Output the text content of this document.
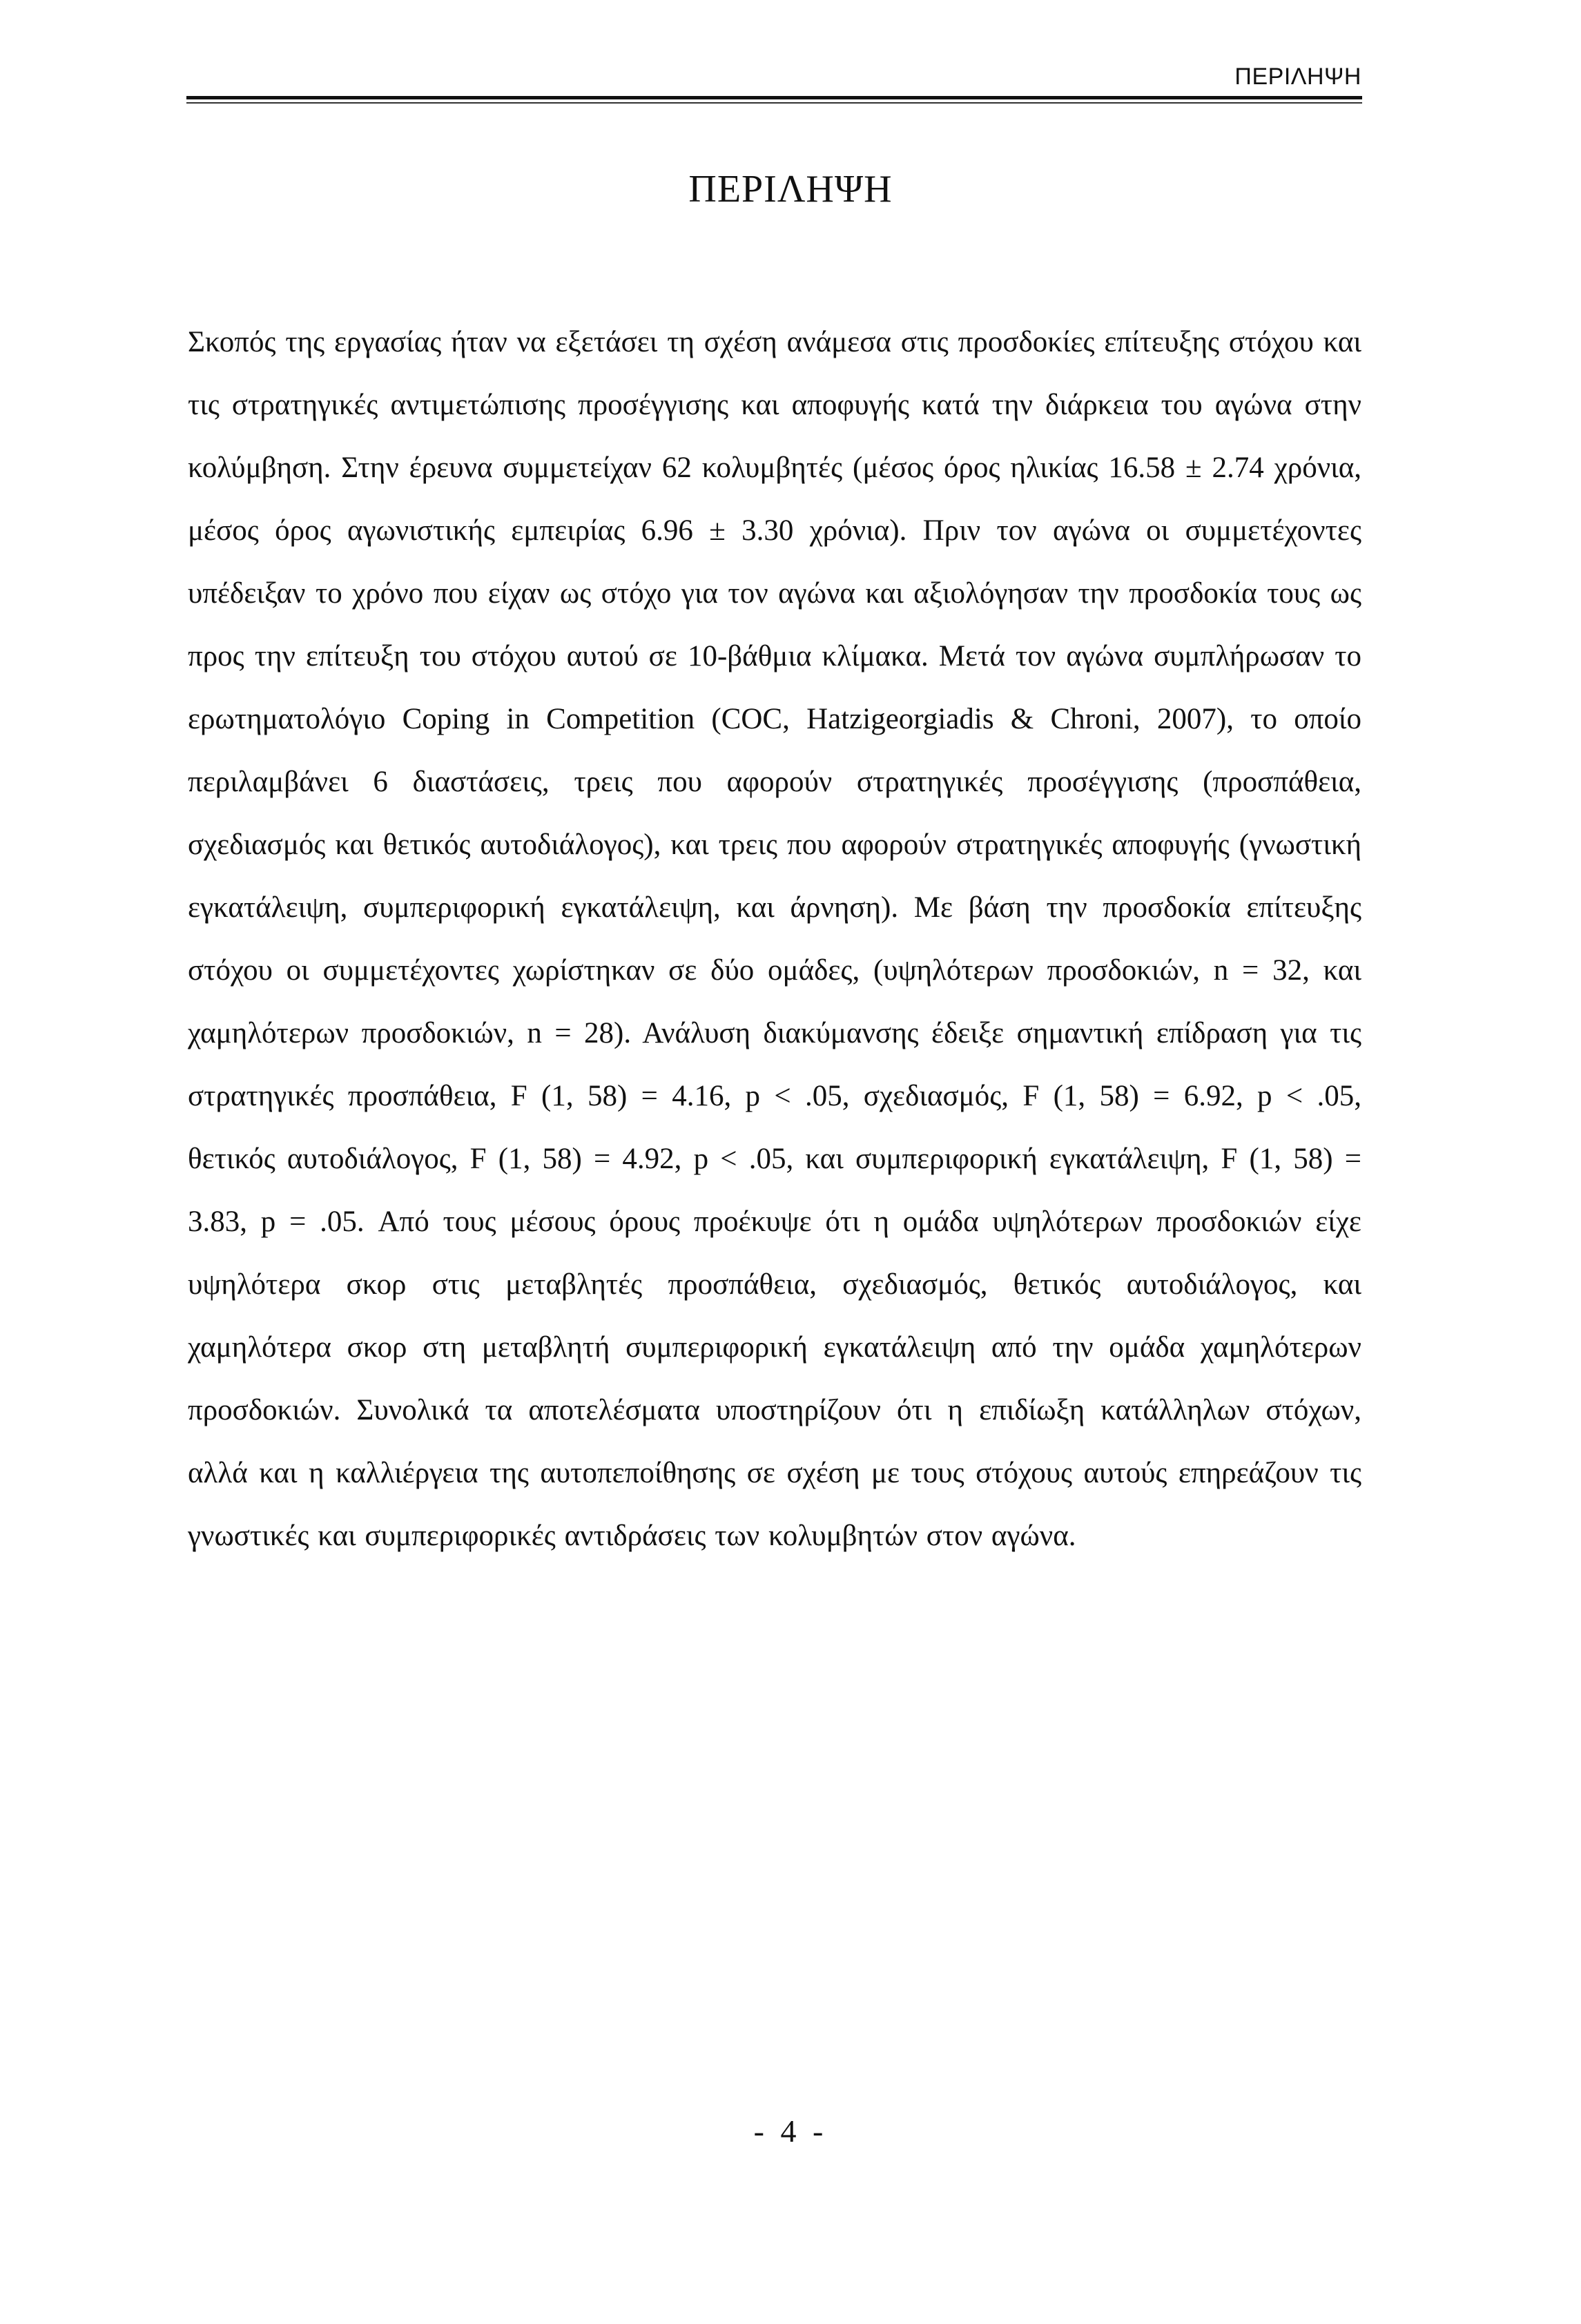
ΠΕΡΙΛΗΨΗ
ΠΕΡΙΛΗΨΗ

Σκοπός της εργασίας ήταν να εξετάσει τη σχέση ανάμεσα στις προσδοκίες επίτευξης στόχου και τις στρατηγικές αντιμετώπισης προσέγγισης και αποφυγής κατά την διάρκεια του αγώνα στην κολύμβηση. Στην έρευνα συμμετείχαν 62 κολυμβητές (μέσος όρος ηλικίας 16.58 ± 2.74 χρόνια, μέσος όρος αγωνιστικής εμπειρίας 6.96 ± 3.30 χρόνια). Πριν τον αγώνα οι συμμετέχοντες υπέδειξαν το χρόνο που είχαν ως στόχο για τον αγώνα και αξιολόγησαν την προσδοκία τους ως προς την επίτευξη του στόχου αυτού σε 10-βάθμια κλίμακα. Μετά τον αγώνα συμπλήρωσαν το ερωτηματολόγιο Coping in Competition (COC, Hatzigeorgiadis & Chroni, 2007), το οποίο περιλαμβάνει 6 διαστάσεις, τρεις που αφορούν στρατηγικές προσέγγισης (προσπάθεια, σχεδιασμός και θετικός αυτοδιάλογος), και τρεις που αφορούν στρατηγικές αποφυγής (γνωστική εγκατάλειψη, συμπεριφορική εγκατάλειψη, και άρνηση). Με βάση την προσδοκία επίτευξης στόχου οι συμμετέχοντες χωρίστηκαν σε δύο ομάδες, (υψηλότερων προσδοκιών, n = 32, και χαμηλότερων προσδοκιών, n = 28). Ανάλυση διακύμανσης έδειξε σημαντική επίδραση για τις στρατηγικές προσπάθεια, F (1, 58) = 4.16, p < .05, σχεδιασμός, F (1, 58) = 6.92, p < .05, θετικός αυτοδιάλογος, F (1, 58) = 4.92, p < .05, και συμπεριφορική εγκατάλειψη, F (1, 58) = 3.83, p = .05. Από τους μέσους όρους προέκυψε ότι η ομάδα υψηλότερων προσδοκιών είχε υψηλότερα σκορ στις μεταβλητές προσπάθεια, σχεδιασμός, θετικός αυτοδιάλογος, και χαμηλότερα σκορ στη μεταβλητή συμπεριφορική εγκατάλειψη από την ομάδα χαμηλότερων προσδοκιών. Συνολικά τα αποτελέσματα υποστηρίζουν ότι η επιδίωξη κατάλληλων στόχων, αλλά και η καλλιέργεια της αυτοπεποίθησης σε σχέση με τους στόχους αυτούς επηρεάζουν τις γνωστικές και συμπεριφορικές αντιδράσεις των κολυμβητών στον αγώνα.

- 4 -
